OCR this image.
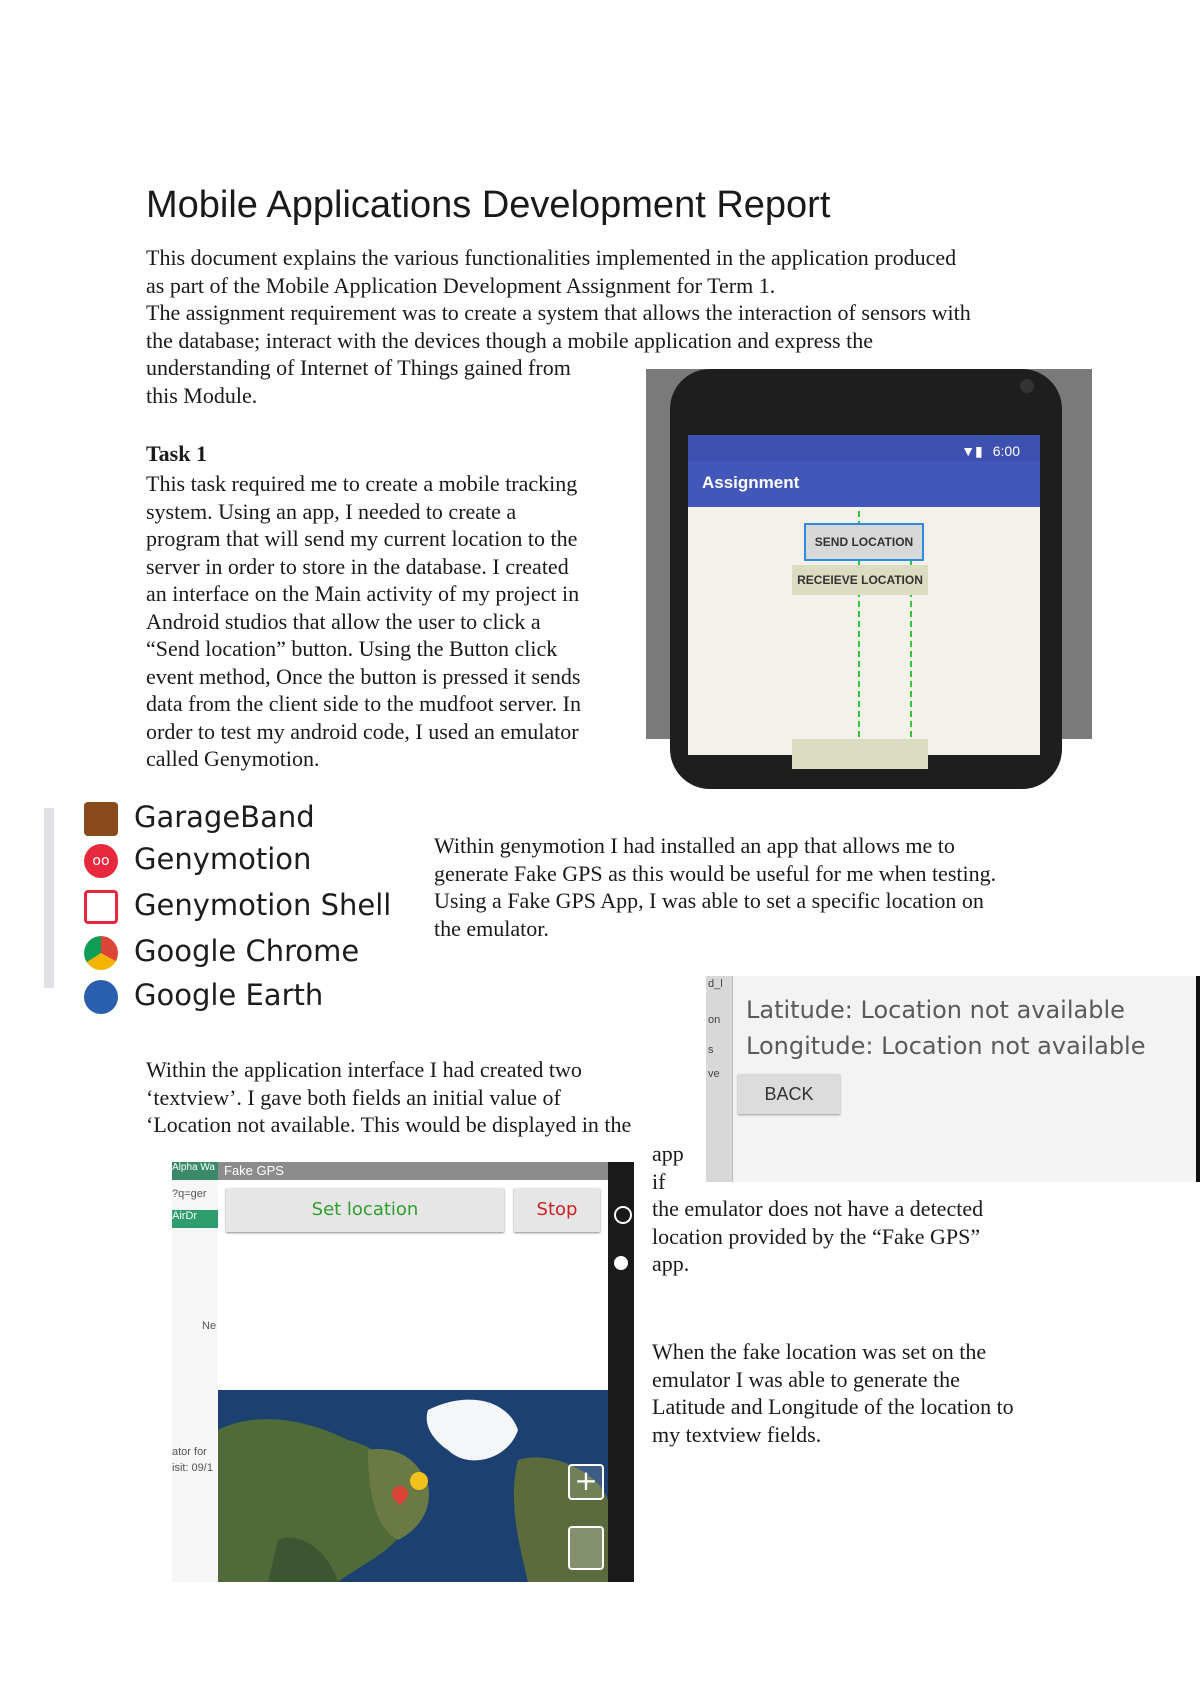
Mobile Applications Development Report
This document explains the various functionalities implemented in the application produced
as part of the Mobile Application Development Assignment for Term 1.
The assignment requirement was to create a system that allows the interaction of sensors with
the database; interact with the devices though a mobile application and express the
understanding of Internet of Things gained from
this Module.
Task 1
This task required me to create a mobile tracking
system. Using an app, I needed to create a
program that will send my current location to the
server in order to store in the database. I created
an interface on the Main activity of my project in
Android studios that allow the user to click a
“Send location” button. Using the Button click
event method, Once the button is pressed it sends
data from the client side to the mudfoot server. In
order to test my android code, I used an emulator
called Genymotion.
▼▮6:00
Assignment
SEND LOCATION
RECEIEVE LOCATION
GarageBand
oo Genymotion
Genymotion Shell
Google Chrome
Google Earth
Within genymotion I had installed an app that allows me to
generate Fake GPS as this would be useful for me when testing.
Using a Fake GPS App, I was able to set a specific location on
the emulator.
d_l
on
s
ve
Latitude: Location not available
Longitude: Location not available
BACK
Within the application interface I had created two
‘textview’. I gave both fields an initial value of
‘Location not available. This would be displayed in the
app
if
the emulator does not have a detected
location provided by the “Fake GPS”
app.
Alpha Wa
?q=ger
AirDr
Ne
ator for
isit: 09/1
Fake GPS
Set location	Stop
+
When the fake location was set on the
emulator I was able to generate the
Latitude and Longitude of the location to
my textview fields.
